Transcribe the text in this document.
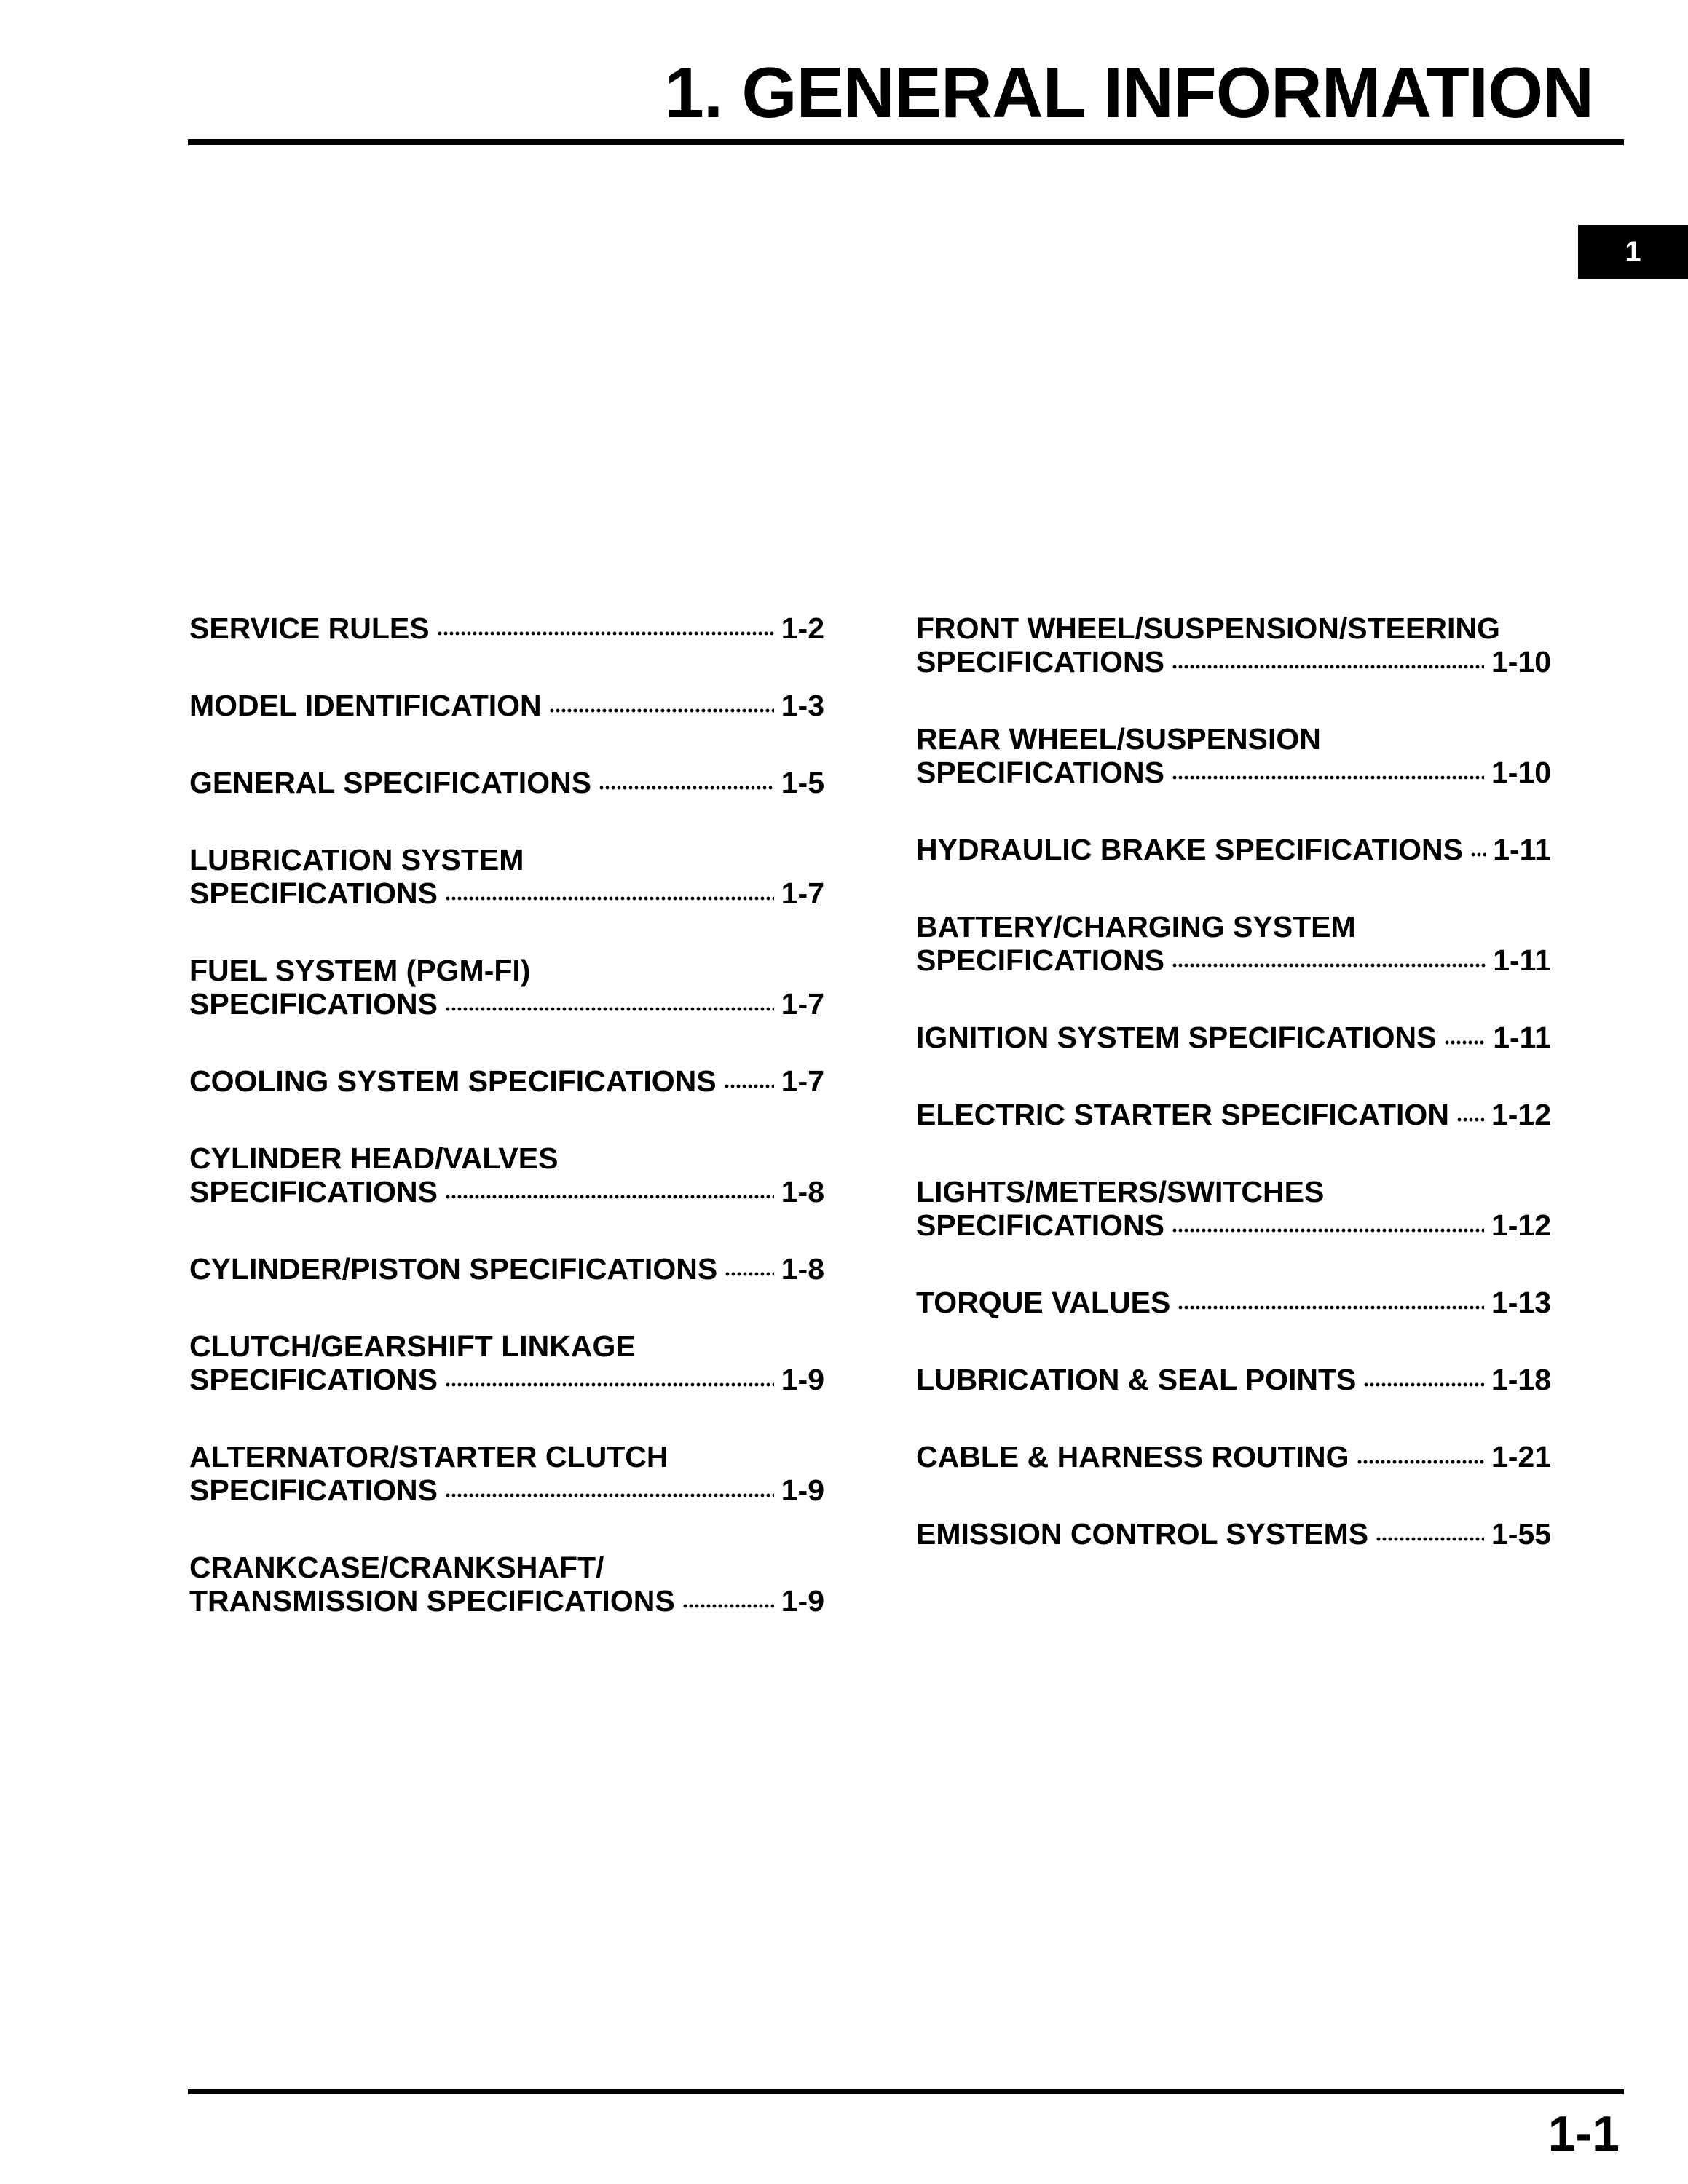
1. GENERAL INFORMATION
1
SERVICE RULES	1-2
MODEL IDENTIFICATION	1-3
GENERAL SPECIFICATIONS	1-5
LUBRICATION SYSTEM
SPECIFICATIONS	1-7
FUEL SYSTEM (PGM-FI)
SPECIFICATIONS	1-7
COOLING SYSTEM SPECIFICATIONS 1-7
CYLINDER HEAD/VALVES
SPECIFICATIONS	1-8
CYLINDER/PISTON SPECIFICATIONS 1-8
CLUTCH/GEARSHIFT LINKAGE
SPECIFICATIONS	1-9
ALTERNATOR/STARTER CLUTCH
SPECIFICATIONS	1-9
CRANKCASE/CRANKSHAFT/
TRANSMISSION SPECIFICATIONS	1-9
FRONT WHEEL/SUSPENSION/STEERING
SPECIFICATIONS	1-10
REAR WHEEL/SUSPENSION
SPECIFICATIONS	1-10
HYDRAULIC BRAKE SPECIFICATIONS 1-11
BATTERY/CHARGING SYSTEM
SPECIFICATIONS	1-11
IGNITION SYSTEM SPECIFICATIONS 1-11
ELECTRIC STARTER SPECIFICATION 1-12
LIGHTS/METERS/SWITCHES
SPECIFICATIONS	1-12
TORQUE VALUES	1-13
LUBRICATION & SEAL POINTS	1-18
CABLE & HARNESS ROUTING	1-21
EMISSION CONTROL SYSTEMS	1-55
1-1
